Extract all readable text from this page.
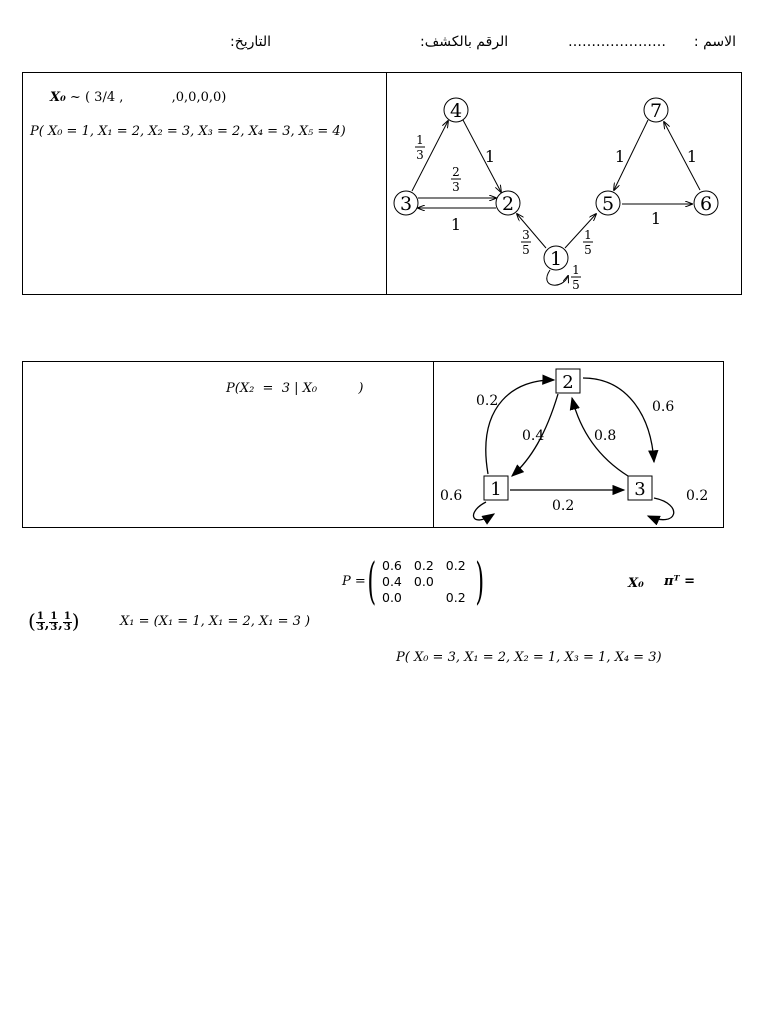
الاسم :
…………………
الرقم بالكشف:
التاريخ:
X₀ ~ ( 3/4 ,	,0,0,0,0)
P( X₀ = 1, X₁ = 2, X₂ = 3, X₃ = 2, X₄ = 3, X₅ = 4)
4	7
3	2	5	6
1
1
3	1
2
3
1
3
5
1
5
1
5
1	1
1
P(X₂  =  3 | X₀          )	2
1	3
0.2
0.4
0.6
0.8
0.2
0.6	0.2
P = ( 0.6	0.2	0.2
0.4	0.0	
0.0		0.2 )	X₀ πᵀ =
( $\frac{1}{3}$ , $\frac{1}{3}$ , $\frac{1}{3}$ )	X₁ = (X₁ = 1, X₁ = 2, X₁ = 3 )
P( X₀ = 3, X₁ = 2, X₂ = 1, X₃ = 1, X₄ = 3)
